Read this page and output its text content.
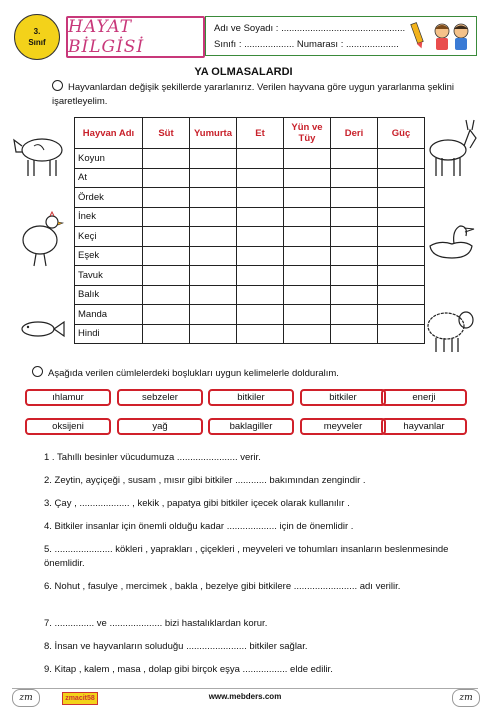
3.
Sınıf
HAYAT BİLGİSİ
Adı ve Soyadı : ...............................................
Sınıfı : ................... Numarası : ....................
YA OLMASALARDI
Hayvanlardan değişik şekillerde yararlanırız. Verilen hayvana göre uygun yararlanma şeklini işaretleyelim.
Hayvan Adı	Süt	Yumurta	Et	Yün ve Tüy	Deri	Güç
Koyun						
At						
Ördek						
İnek						
Keçi						
Eşek						
Tavuk						
Balık						
Manda						
Hindi						
Aşağıda verilen cümlelerdeki boşlukları uygun kelimelerle dolduralım.
ıhlamur	sebzeler	bitkiler	bitkiler	enerji
oksijeni	yağ	baklagiller	meyveler	hayvanlar
1 . Tahıllı besinler vücudumuza ....................... verir.
2. Zeytin, ayçiçeği , susam , mısır gibi bitkiler ............ bakımından zengindir .
3. Çay , ................... , kekik , papatya gibi bitkiler içecek olarak kullanılır .
4. Bitkiler insanlar için önemli olduğu kadar ................... için de önemlidir .
5. ...................... kökleri , yaprakları , çiçekleri , meyveleri ve tohumları insanların beslenmesinde önemlidir.
6. Nohut , fasulye , mercimek , bakla , bezelye gibi bitkilere ........................ adı verilir.
7. ............... ve .................... bizi hastalıklardan korur.
8. İnsan ve hayvanların soluduğu ....................... bitkiler sağlar.
9. Kitap , kalem , masa , dolap gibi birçok eşya ................. elde edilir.
zm	zmacit58	www.mebders.com	zm
